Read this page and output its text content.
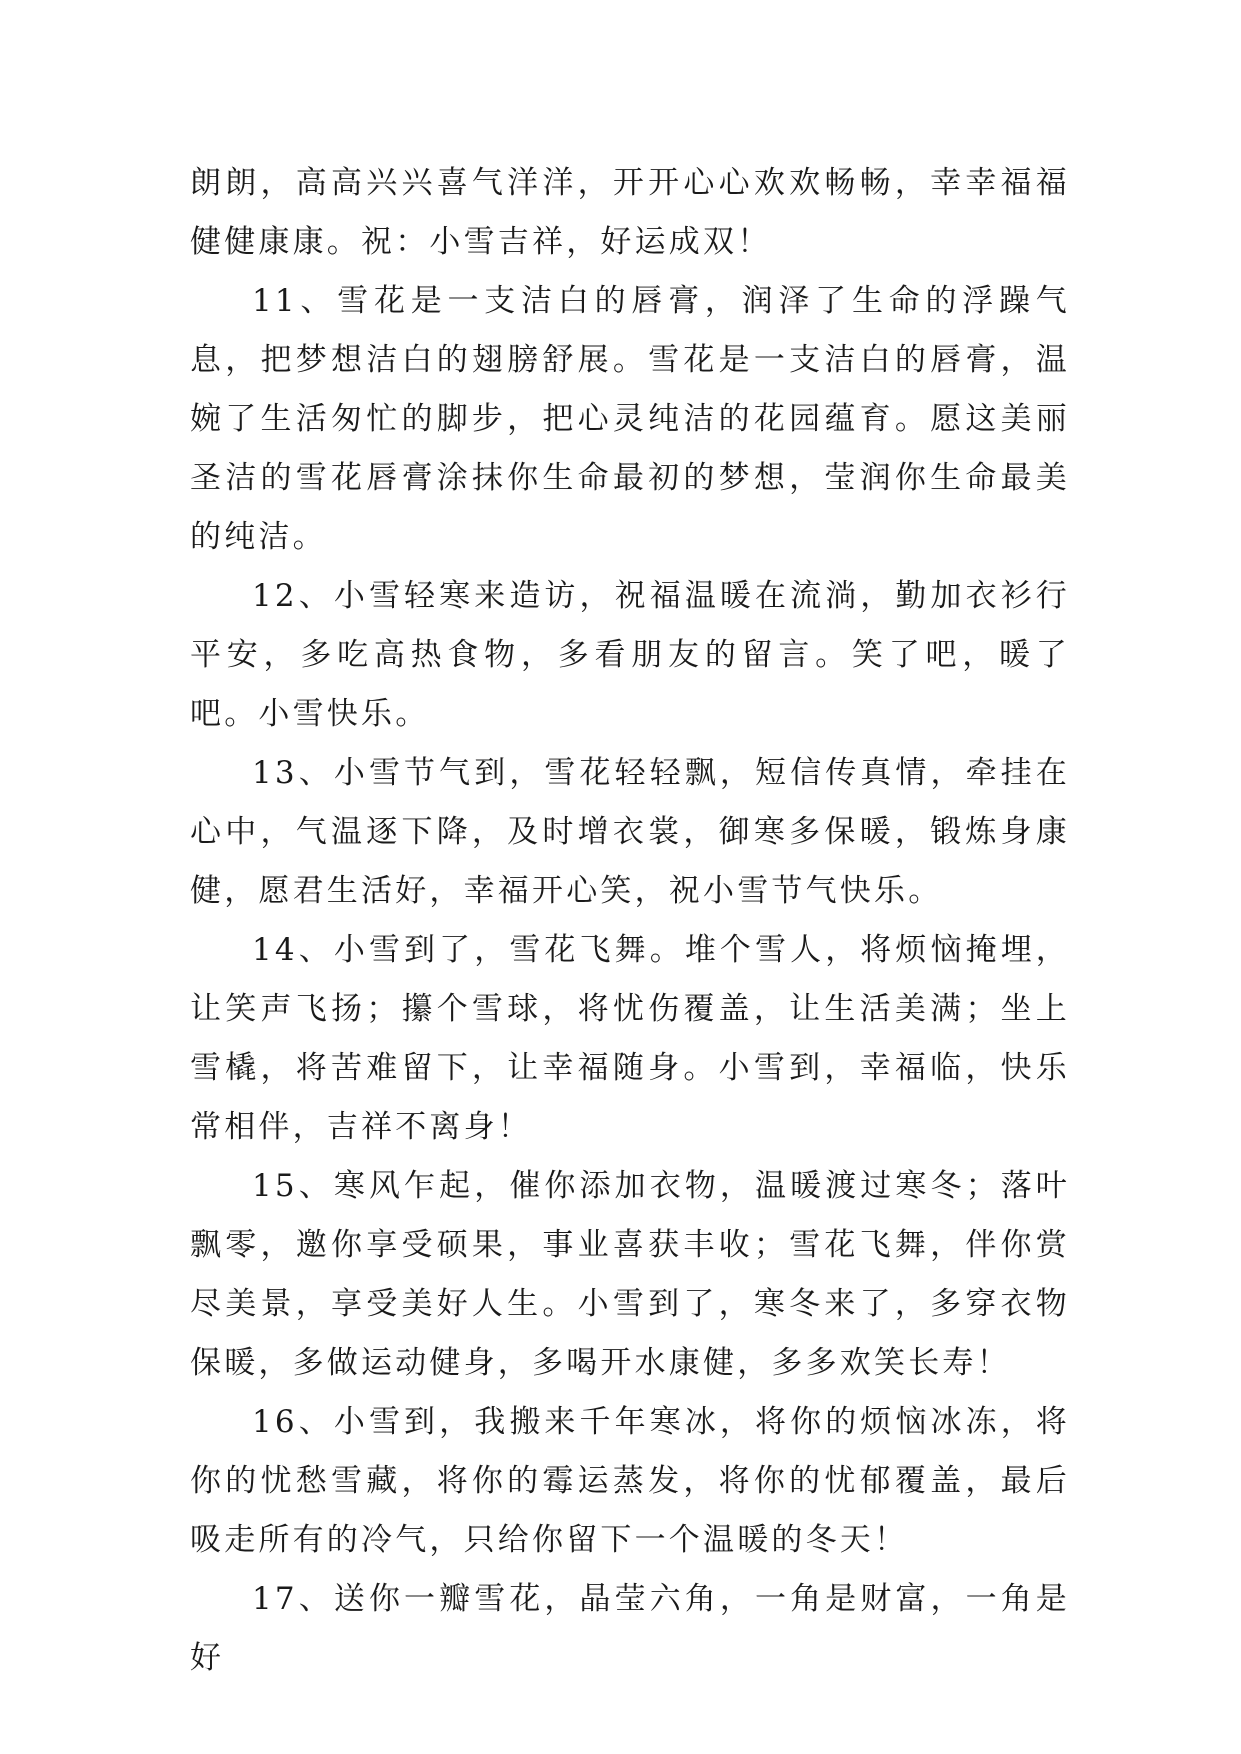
朗朗，高高兴兴喜气洋洋，开开心心欢欢畅畅，幸幸福福健健康康。祝：小雪吉祥，好运成双！

11、雪花是一支洁白的唇膏，润泽了生命的浮躁气息，把梦想洁白的翅膀舒展。雪花是一支洁白的唇膏，温婉了生活匆忙的脚步，把心灵纯洁的花园蕴育。愿这美丽圣洁的雪花唇膏涂抹你生命最初的梦想，莹润你生命最美的纯洁。

12、小雪轻寒来造访，祝福温暖在流淌，勤加衣衫行平安，多吃高热食物，多看朋友的留言。笑了吧，暖了吧。小雪快乐。

13、小雪节气到，雪花轻轻飘，短信传真情，牵挂在心中，气温逐下降，及时增衣裳，御寒多保暖，锻炼身康健，愿君生活好，幸福开心笑，祝小雪节气快乐。

14、小雪到了，雪花飞舞。堆个雪人，将烦恼掩埋，让笑声飞扬；攥个雪球，将忧伤覆盖，让生活美满；坐上雪橇，将苦难留下，让幸福随身。小雪到，幸福临，快乐常相伴，吉祥不离身！

15、寒风乍起，催你添加衣物，温暖渡过寒冬；落叶飘零，邀你享受硕果，事业喜获丰收；雪花飞舞，伴你赏尽美景，享受美好人生。小雪到了，寒冬来了，多穿衣物保暖，多做运动健身，多喝开水康健，多多欢笑长寿！

16、小雪到，我搬来千年寒冰，将你的烦恼冰冻，将你的忧愁雪藏，将你的霉运蒸发，将你的忧郁覆盖，最后吸走所有的冷气，只给你留下一个温暖的冬天！

17、送你一瓣雪花，晶莹六角，一角是财富，一角是好
